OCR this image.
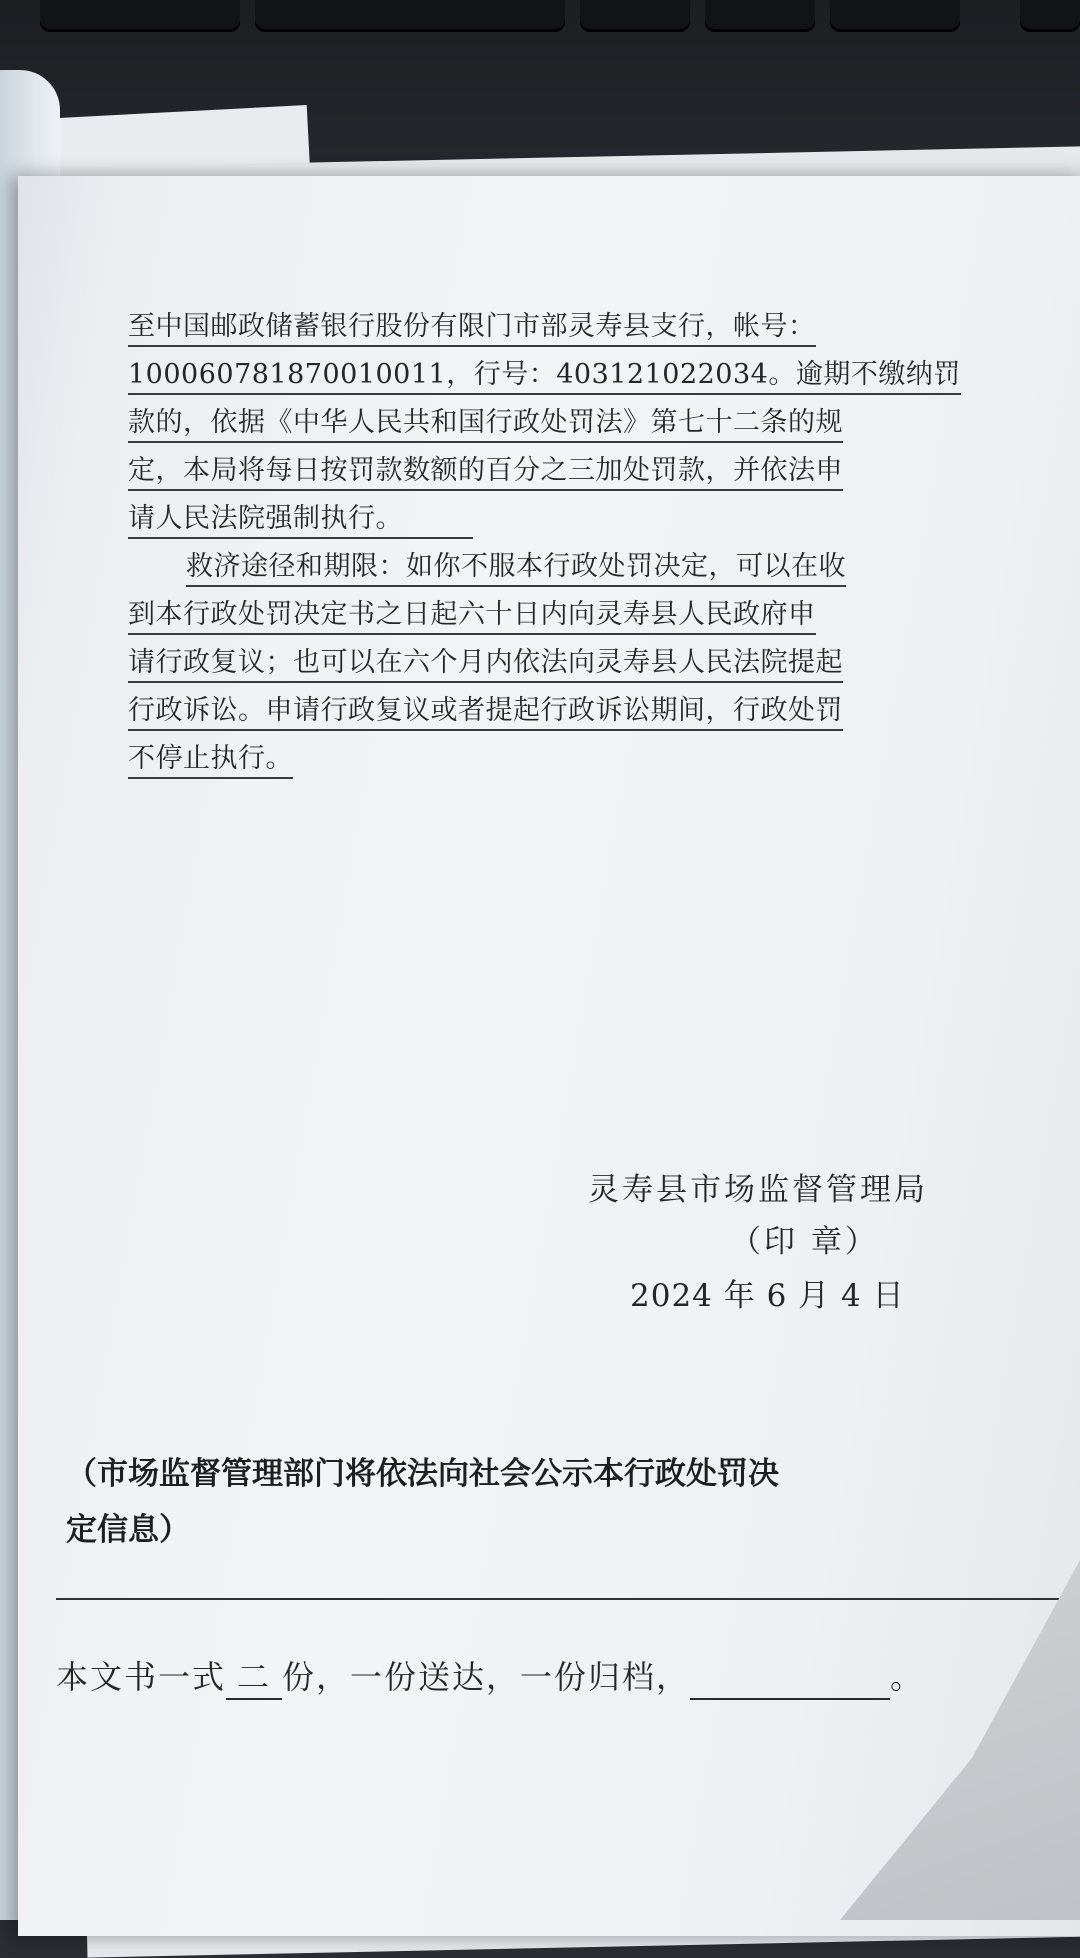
至中国邮政储蓄银行股份有限门市部灵寿县支行，帐号：

100060781870010011，行号：403121022034。逾期不缴纳罚

款的，依据《中华人民共和国行政处罚法》第七十二条的规

定，本局将每日按罚款数额的百分之三加处罚款，并依法申

请人民法院强制执行。

救济途径和期限：如你不服本行政处罚决定，可以在收

到本行政处罚决定书之日起六十日内向灵寿县人民政府申

请行政复议；也可以在六个月内依法向灵寿县人民法院提起

行政诉讼。申请行政复议或者提起行政诉讼期间，行政处罚

不停止执行。

灵寿县市场监督管理局

（印 章）

2024 年 6 月 4 日

（市场监督管理部门将依法向社会公示本行政处罚决

定信息）

本文书一式 二 份，一份送达，一份归档，	。
